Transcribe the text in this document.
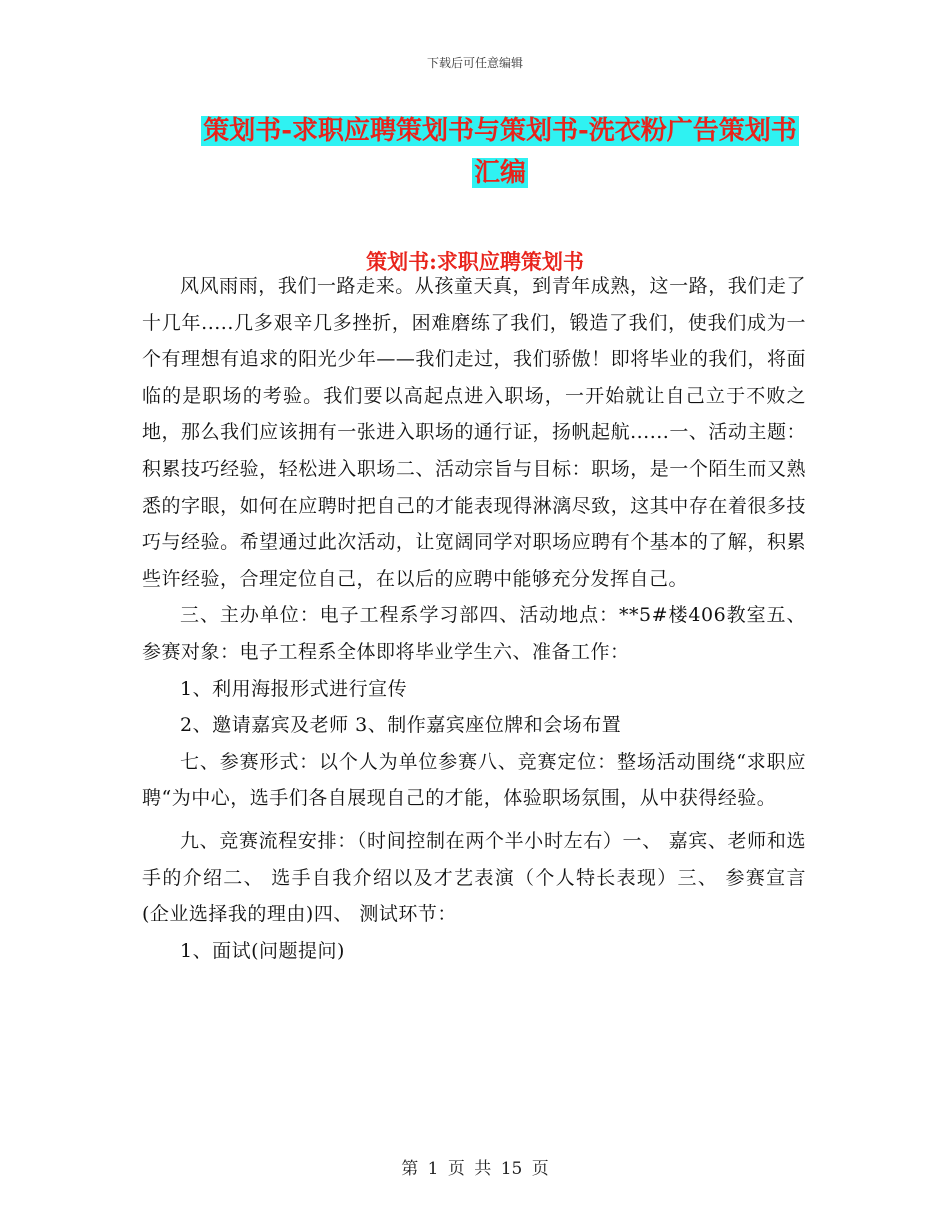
下载后可任意编辑
策划书-求职应聘策划书与策划书-洗衣粉广告策划书
汇编
策划书:求职应聘策划书

风风雨雨，我们一路走来。从孩童天真，到青年成熟，这一路，我们走了十几年.....几多艰辛几多挫折，困难磨练了我们，锻造了我们，使我们成为一个有理想有追求的阳光少年——我们走过，我们骄傲！即将毕业的我们，将面临的是职场的考验。我们要以高起点进入职场，一开始就让自己立于不败之地，那么我们应该拥有一张进入职场的通行证，扬帆起航......一、活动主题：积累技巧经验，轻松进入职场二、活动宗旨与目标：职场，是一个陌生而又熟悉的字眼，如何在应聘时把自己的才能表现得淋漓尽致，这其中存在着很多技巧与经验。希望通过此次活动，让宽阔同学对职场应聘有个基本的了解，积累些许经验，合理定位自己，在以后的应聘中能够充分发挥自己。

三、主办单位：电子工程系学习部四、活动地点：**5#楼406教室五、参赛对象：电子工程系全体即将毕业学生六、准备工作：

1、利用海报形式进行宣传

2、邀请嘉宾及老师 3、制作嘉宾座位牌和会场布置

七、参赛形式：以个人为单位参赛八、竞赛定位：整场活动围绕“求职应聘“为中心，选手们各自展现自己的才能，体验职场氛围，从中获得经验。

九、竞赛流程安排：（时间控制在两个半小时左右）一、 嘉宾、老师和选手的介绍二、 选手自我介绍以及才艺表演（个人特长表现）三、 参赛宣言(企业选择我的理由)四、 测试环节：

1、面试(问题提问)

第 1 页 共 15 页
